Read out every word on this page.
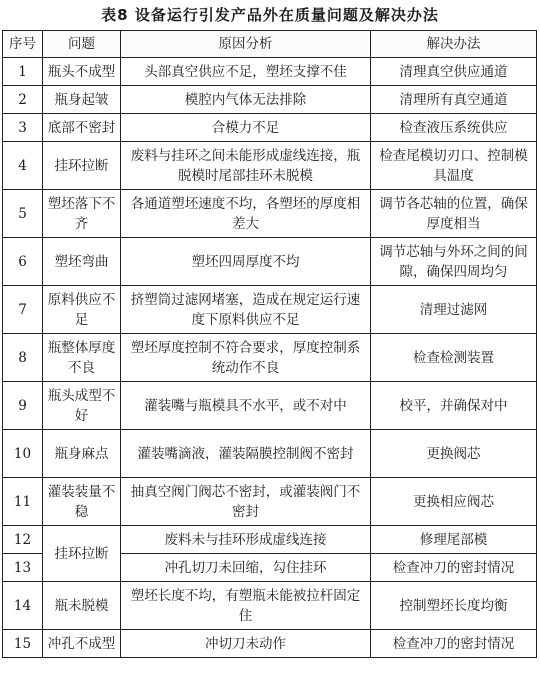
表8 设备运行引发产品外在质量问题及解决办法
序号	问题	原因分析	解决办法
1	瓶头不成型	头部真空供应不足，塑坯支撑不佳	清理真空供应通道
2	瓶身起皱	模腔内气体无法排除	清理所有真空通道
3	底部不密封	合模力不足	检查液压系统供应
4	挂环拉断	废料与挂环之间未能形成虚线连接，瓶脱模时尾部挂环未脱模	检查尾模切刃口、控制模具温度
5	塑坯落下不齐	各通道塑坯速度不均，各塑坯的厚度相差大	调节各芯轴的位置，确保厚度相当
6	塑坯弯曲	塑坯四周厚度不均	调节芯轴与外环之间的间隙，确保四周均匀
7	原料供应不足	挤塑筒过滤网堵塞，造成在规定运行速度下原料供应不足	清理过滤网
8	瓶整体厚度不良	塑坯厚度控制不符合要求，厚度控制系统动作不良	检查检测装置
9	瓶头成型不好	灌装嘴与瓶模具不水平，或不对中	校平，并确保对中
10	瓶身麻点	灌装嘴滴液，灌装隔膜控制阀不密封	更换阀芯
11	灌装装量不稳	抽真空阀门阀芯不密封，或灌装阀门不密封	更换相应阀芯
12	挂环拉断	废料未与挂环形成虚线连接	修理尾部模
13		冲孔切刀未回缩，勾住挂环	检查冲刀的密封情况
14	瓶未脱模	塑坯长度不均，有塑瓶未能被拉杆固定住	控制塑坯长度均衡
15	冲孔不成型	冲切刀未动作	检查冲刀的密封情况
